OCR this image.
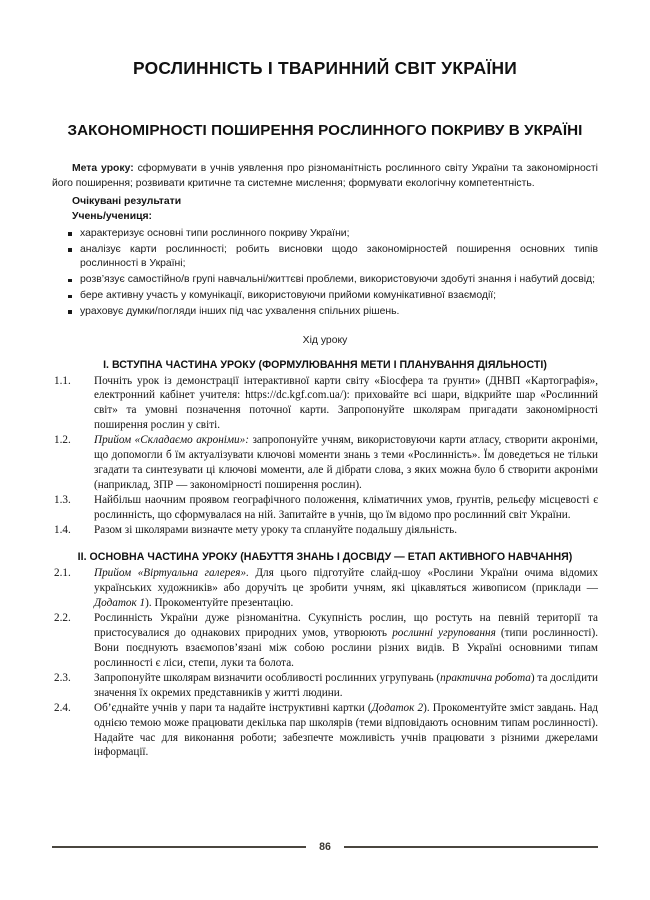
РОСЛИННІСТЬ І ТВАРИННИЙ СВІТ УКРАЇНИ
ЗАКОНОМІРНОСТІ ПОШИРЕННЯ РОСЛИННОГО ПОКРИВУ В УКРАЇНІ

Мета уроку: сформувати в учнів уявлення про різноманітність рослинного світу України та закономірності його поширення; розвивати критичне та системне мислення; формувати екологічну компетентність.

Очікувані результати

Учень/учениця:

характеризує основні типи рослинного покриву України;
аналізує карти рослинності; робить висновки щодо закономірностей поширення основних типів рослинності в Україні;
розв’язує самостійно/в групі навчальні/життєві проблеми, використовуючи здобуті знання і набутий досвід;
бере активну участь у комунікації, використовуючи прийоми комунікативної взаємодії;
ураховує думки/погляди інших під час ухвалення спільних рішень.

Хід уроку

I. ВСТУПНА ЧАСТИНА УРОКУ (ФОРМУЛЮВАННЯ МЕТИ І ПЛАНУВАННЯ ДІЯЛЬНОСТІ)
1.1.	Почніть урок із демонстрації інтерактивної карти світу «Біосфера та ґрунти» (ДНВП «Картографія», електронний кабінет учителя: https://dc.kgf.com.ua/): приховайте всі шари, відкрийте шар «Рослинний світ» та умовні позначення поточної карти. Запропонуйте школярам пригадати закономірності поширення рослин у світі.
1.2.	Прийом «Складаємо акроніми»: запропонуйте учням, використовуючи карти атласу, створити акроніми, що допомогли б їм актуалізувати ключові моменти знань з теми «Рослинність». Їм доведеться не тільки згадати та синтезувати ці ключові моменти, але й дібрати слова, з яких можна було б створити акроніми (наприклад, ЗПР — закономірності поширення рослин).
1.3.	Найбільш наочним проявом географічного положення, кліматичних умов, ґрунтів, рельєфу місцевості є рослинність, що сформувалася на ній. Запитайте в учнів, що їм відомо про рослинний світ України.
1.4.	Разом зі школярами визначте мету уроку та сплануйте подальшу діяльність.
II. ОСНОВНА ЧАСТИНА УРОКУ (НАБУТТЯ ЗНАНЬ І ДОСВІДУ — ЕТАП АКТИВНОГО НАВЧАННЯ)
2.1.	Прийом «Віртуальна галерея». Для цього підготуйте слайд-шоу «Рослини України очима відомих українських художників» або доручіть це зробити учням, які цікавляться живописом (приклади — Додаток 1). Прокоментуйте презентацію.
2.2.	Рослинність України дуже різноманітна. Сукупність рослин, що ростуть на певній території та пристосувалися до однакових природних умов, утворюють рослинні угруповання (типи рослинності). Вони поєднують взаємопов’язані між собою рослини різних видів. В Україні основними типам рослинності є ліси, степи, луки та болота.
2.3.	Запропонуйте школярам визначити особливості рослинних угрупувань (практична робота) та дослідити значення їх окремих представників у житті людини.
2.4.	Об’єднайте учнів у пари та надайте інструктивні картки (Додаток 2). Прокоментуйте зміст завдань. Над однією темою може працювати декілька пар школярів (теми відповідають основним типам рослинності). Надайте час для виконання роботи; забезпечте можливість учнів працювати з різними джерелами інформації.
86
